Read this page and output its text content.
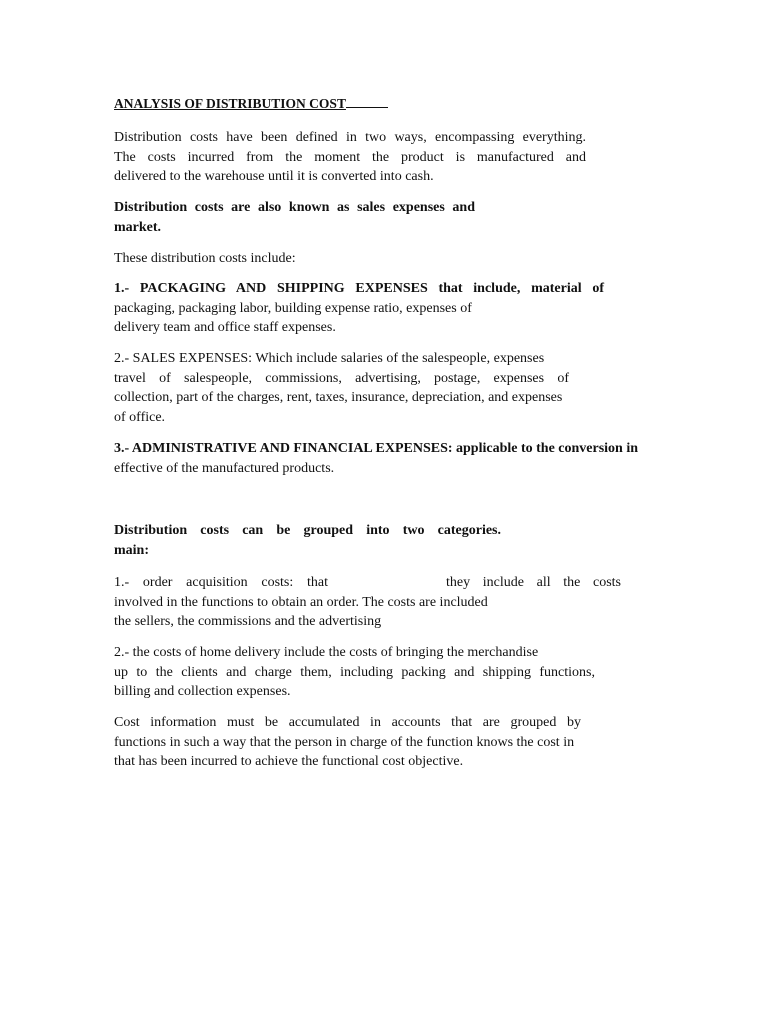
ANALYSIS OF DISTRIBUTION COST
Distribution costs have been defined in two ways, encompassing everything.
The costs incurred from the moment the product is manufactured and
delivered to the warehouse until it is converted into cash.
Distribution costs are also known as sales expenses and
market.
These distribution costs include:
1.- PACKAGING AND SHIPPING EXPENSES that include, material of
packaging, packaging labor, building expense ratio, expenses of
delivery team and office staff expenses.
2.- SALES EXPENSES: Which include salaries of the salespeople, expenses
travel of salespeople, commissions, advertising, postage, expenses of
collection, part of the charges, rent, taxes, insurance, depreciation, and expenses
of office.
3.- ADMINISTRATIVE AND FINANCIAL EXPENSES: applicable to the conversion in
effective of the manufactured products.
Distribution costs can be grouped into two categories.
main:
1.- order acquisition costs: that	they include all the costs
involved in the functions to obtain an order. The costs are included
the sellers, the commissions and the advertising
2.- the costs of home delivery include the costs of bringing the merchandise
up to the clients and charge them, including packing and shipping functions,
billing and collection expenses.
Cost information must be accumulated in accounts that are grouped by
functions in such a way that the person in charge of the function knows the cost in
that has been incurred to achieve the functional cost objective.
